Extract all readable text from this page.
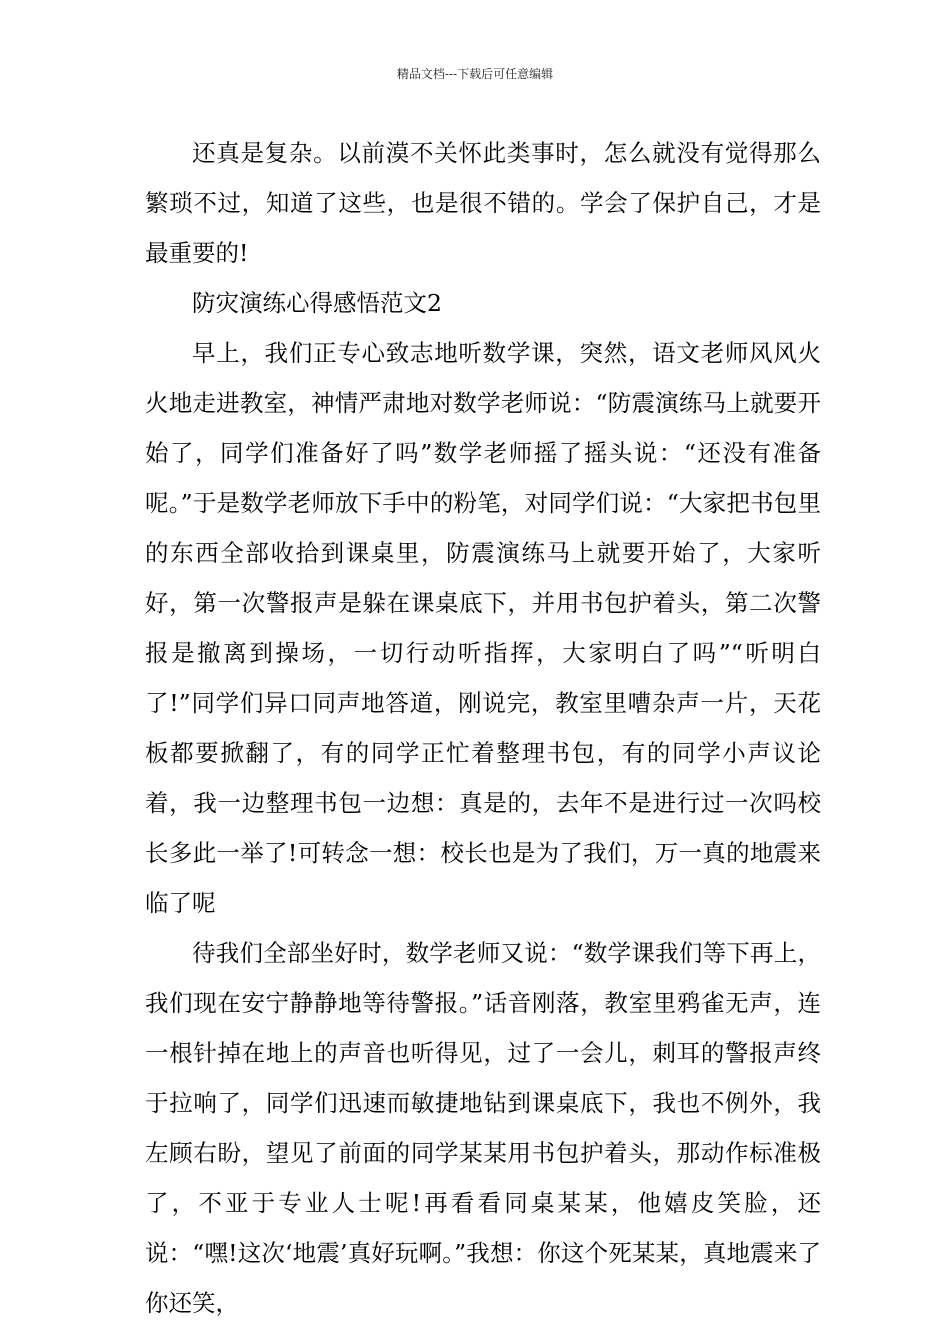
精品文档---下载后可任意编辑

还真是复杂。以前漠不关怀此类事时，怎么就没有觉得那么繁琐不过，知道了这些，也是很不错的。学会了保护自己，才是最重要的!

防灾演练心得感悟范文2

早上，我们正专心致志地听数学课，突然，语文老师风风火火地走进教室，神情严肃地对数学老师说：“防震演练马上就要开始了，同学们准备好了吗”数学老师摇了摇头说：“还没有准备呢。”于是数学老师放下手中的粉笔，对同学们说：“大家把书包里的东西全部收拾到课桌里，防震演练马上就要开始了，大家听好，第一次警报声是躲在课桌底下，并用书包护着头，第二次警报是撤离到操场，一切行动听指挥，大家明白了吗”“听明白了!”同学们异口同声地答道，刚说完，教室里嘈杂声一片，天花板都要掀翻了，有的同学正忙着整理书包，有的同学小声议论着，我一边整理书包一边想：真是的，去年不是进行过一次吗校长多此一举了!可转念一想：校长也是为了我们，万一真的地震来临了呢

待我们全部坐好时，数学老师又说：“数学课我们等下再上，我们现在安宁静静地等待警报。”话音刚落，教室里鸦雀无声，连一根针掉在地上的声音也听得见，过了一会儿，刺耳的警报声终于拉响了，同学们迅速而敏捷地钻到课桌底下，我也不例外，我左顾右盼，望见了前面的同学某某用书包护着头，那动作标准极了，不亚于专业人士呢!再看看同桌某某，他嬉皮笑脸，还说：“嘿!这次‘地震’真好玩啊。”我想：你这个死某某，真地震来了你还笑，
